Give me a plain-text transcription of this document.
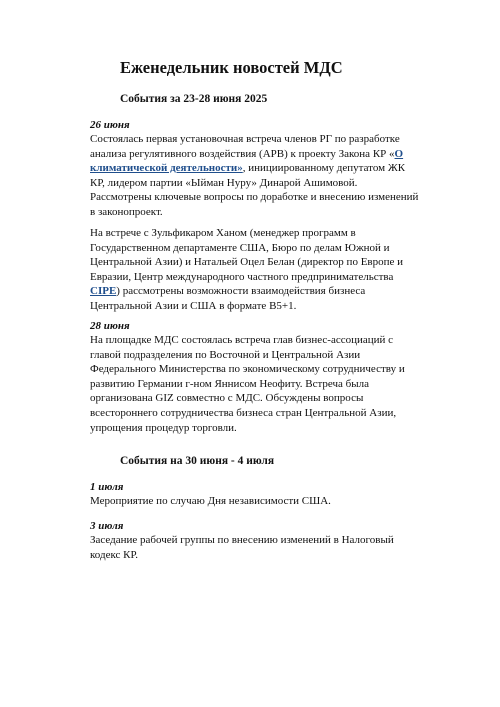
Еженедельник новостей МДС
События за 23-28 июня 2025
26 июня

Состоялась первая установочная встреча членов РГ по разработке
анализа регулятивного воздействия (АРВ) к проекту Закона КР «О
климатической деятельности», инициированному депутатом ЖК
КР, лидером партии «Ыйман Нуру» Динарой Ашимовой.
Рассмотрены ключевые вопросы по доработке и внесению изменений
в законопроект.

На встрече с Зульфикаром Ханом (менеджер программ в
Государственном департаменте США, Бюро по делам Южной и
Центральной Азии) и Натальей Оцел Белан (директор по Европе и
Евразии, Центр международного частного предпринимательства
CIPE) рассмотрены возможности взаимодействия бизнеса
Центральной Азии и США в формате B5+1.

28 июня

На площадке МДС состоялась встреча глав бизнес-ассоциаций с
главой подразделения по Восточной и Центральной Азии
Федерального Министерства по экономическому сотрудничеству и
развитию Германии г-ном Яннисом Неофиту. Встреча была
организована GIZ совместно с МДС. Обсуждены вопросы
всестороннего сотрудничества бизнеса стран Центральной Азии,
упрощения процедур торговли.

События на 30 июня - 4 июля
1 июля

Мероприятие по случаю Дня независимости США.

3 июля

Заседание рабочей группы по внесению изменений в Налоговый
кодекс КР.
